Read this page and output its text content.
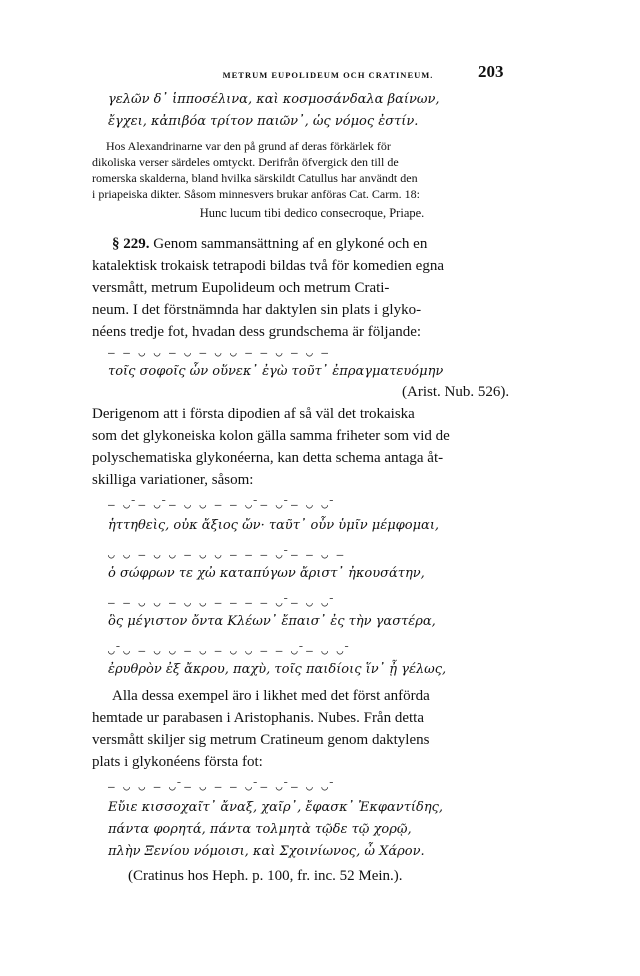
METRUM EUPOLIDEUM OCH CRATINEUM.	203
γελῶν δ᾽ ἱπποσέλινα, καὶ κοσμοσάνδαλα βαίνων,
ἔγχει, κἀπιβόα τρίτον παιῶν᾽, ὡς νόμος ἐστίν.
Hos Alexandrinarne var den på grund af deras förkärlek för
dikoliska verser särdeles omtyckt. Derifrån öfvergick den till de
romerska skalderna, bland hvilka särskildt Catullus har användt den
i priapeiska dikter. Såsom minnesvers brukar anföras Cat. Carm. 18:
Hunc lucum tibi dedico consecroque, Priape.
§ 229. Genom sammansättning af en glykoné och en
katalektisk trokaisk tetrapodi bildas två för komedien egna
versmått, metrum Eupolideum och metrum Crati-
neum. I det förstnämnda har daktylen sin plats i glyko-
néens tredje fot, hvadan dess grundschema är följande:
— — ◡ ◡ — ◡ — ◡ ◡ — — ◡ — ◡ —
τοῖς σοφοῖς ὧν οὕνεκ᾽ ἐγὼ τοῦτ᾽ ἐπραγματευόμην
(Arist. Nub. 526).
Derigenom att i första dipodien af så väl det trokaiska
som det glykoneiska kolon gälla samma friheter som vid de
polyschematiska glykonéerna, kan detta schema antaga åt-
skilliga variationer, såsom:
— ◡̄ — ◡̄ — ◡ ◡ — — ◡̄ — ◡̄ — ◡ ◡̄
ἡττηθεὶς, οὐκ ἄξιος ὤν· ταῦτ᾽ οὖν ὑμῖν μέμφομαι,
◡ ◡ — ◡ ◡ — ◡ ◡ — — — ◡̄ — — ◡ —
ὁ σώφρων τε χὠ καταπύγων ἄριστ᾽ ἠκουσάτην,
— — ◡ ◡ — ◡ ◡ — — — — ◡̄ — ◡ ◡̄
ὃς μέγιστον ὄντα Κλέων᾽ ἔπαισ᾽ ἐς τὴν γαστέρα,
◡̄ ◡ — ◡ ◡ — ◡ — ◡ ◡ — — ◡̄ — ◡ ◡̄
ἐρυθρὸν ἐξ ἄκρου, παχὺ, τοῖς παιδίοις ἵν᾽ ᾖ γέλως,
Alla dessa exempel äro i likhet med det först anförda
hemtade ur parabasen i Aristophanis. Nubes. Från detta
versmått skiljer sig metrum Cratineum genom daktylens
plats i glykonéens första fot:
— ◡ ◡ — ◡̄ — ◡ — — ◡̄ — ◡̄ — ◡ ◡̄
Εὔιε κισσοχαῖτ᾽ ἄναξ, χαῖρ᾽, ἔφασκ᾽ Ἐκφαντίδης,
πάντα φορητά, πάντα τολμητὰ τῷδε τῷ χορῷ,
πλὴν Ξενίου νόμοισι, καὶ Σχοινίωνος, ὦ Χάρον.
(Cratinus hos Heph. p. 100, fr. inc. 52 Mein.).
